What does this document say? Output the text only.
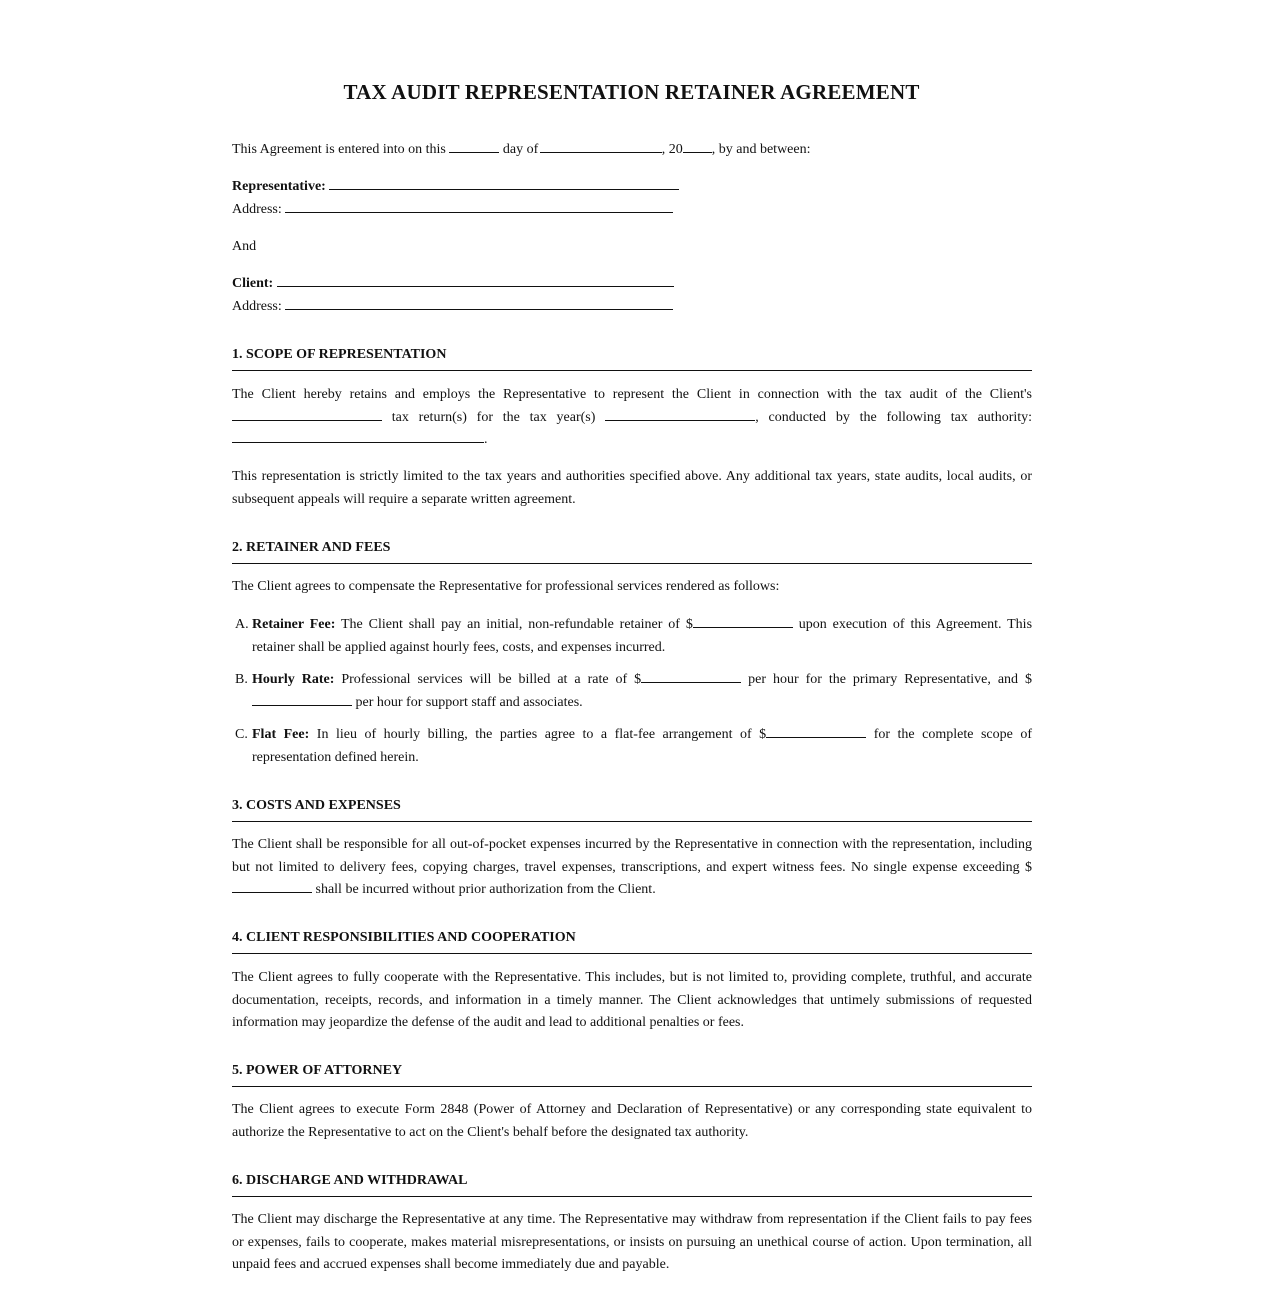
TAX AUDIT REPRESENTATION RETAINER AGREEMENT
This Agreement is entered into on this	day of	, 20 , by and between:
Representative:
Address:
And
Client:
Address:
1. SCOPE OF REPRESENTATION
The Client hereby retains and employs the Representative to represent the Client in connection with the tax audit of the Client's  tax return(s) for the tax year(s)	, conducted by the following tax authority: .
This representation is strictly limited to the tax years and authorities specified above. Any additional tax years, state audits, local audits, or subsequent appeals will require a separate written agreement.
2. RETAINER AND FEES
The Client agrees to compensate the Representative for professional services rendered as follows:
A. Retainer Fee: The Client shall pay an initial, non-refundable retainer of $	upon execution of this Agreement. This retainer shall be applied against hourly fees, costs, and expenses incurred.
B. Hourly Rate: Professional services will be billed at a rate of $	per hour for the primary Representative, and $  per hour for support staff and associates.
C. Flat Fee: In lieu of hourly billing, the parties agree to a flat-fee arrangement of $	for the complete scope of representation defined herein.
3. COSTS AND EXPENSES
The Client shall be responsible for all out-of-pocket expenses incurred by the Representative in connection with the representation, including but not limited to delivery fees, copying charges, travel expenses, transcriptions, and expert witness fees. No single expense exceeding $  shall be incurred without prior authorization from the Client.
4. CLIENT RESPONSIBILITIES AND COOPERATION
The Client agrees to fully cooperate with the Representative. This includes, but is not limited to, providing complete, truthful, and accurate documentation, receipts, records, and information in a timely manner. The Client acknowledges that untimely submissions of requested information may jeopardize the defense of the audit and lead to additional penalties or fees.
5. POWER OF ATTORNEY
The Client agrees to execute Form 2848 (Power of Attorney and Declaration of Representative) or any corresponding state equivalent to authorize the Representative to act on the Client's behalf before the designated tax authority.
6. DISCHARGE AND WITHDRAWAL
The Client may discharge the Representative at any time. The Representative may withdraw from representation if the Client fails to pay fees or expenses, fails to cooperate, makes material misrepresentations, or insists on pursuing an unethical course of action. Upon termination, all unpaid fees and accrued expenses shall become immediately due and payable.
